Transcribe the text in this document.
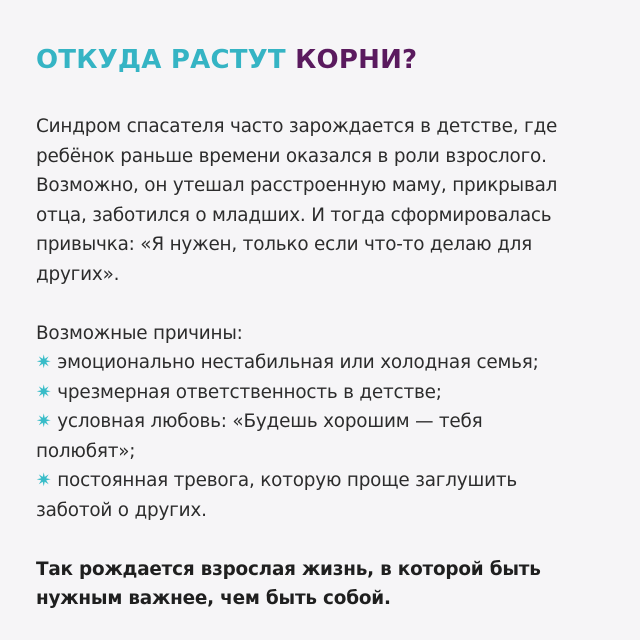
ОТКУДА РАСТУТ КОРНИ?

Синдром спасателя часто зарождается в детстве, где
ребёнок раньше времени оказался в роли взрослого.
Возможно, он утешал расстроенную маму, прикрывал
отца, заботился о младших. И тогда сформировалась
привычка: «Я нужен, только если что-то делаю для
других».

Возможные причины:

✷ эмоционально нестабильная или холодная семья;
✷ чрезмерная ответственность в детстве;
✷ условная любовь: «Будешь хорошим — тебя
полюбят»;
✷ постоянная тревога, которую проще заглушить
заботой о других.

Так рождается взрослая жизнь, в которой быть
нужным важнее, чем быть собой.
